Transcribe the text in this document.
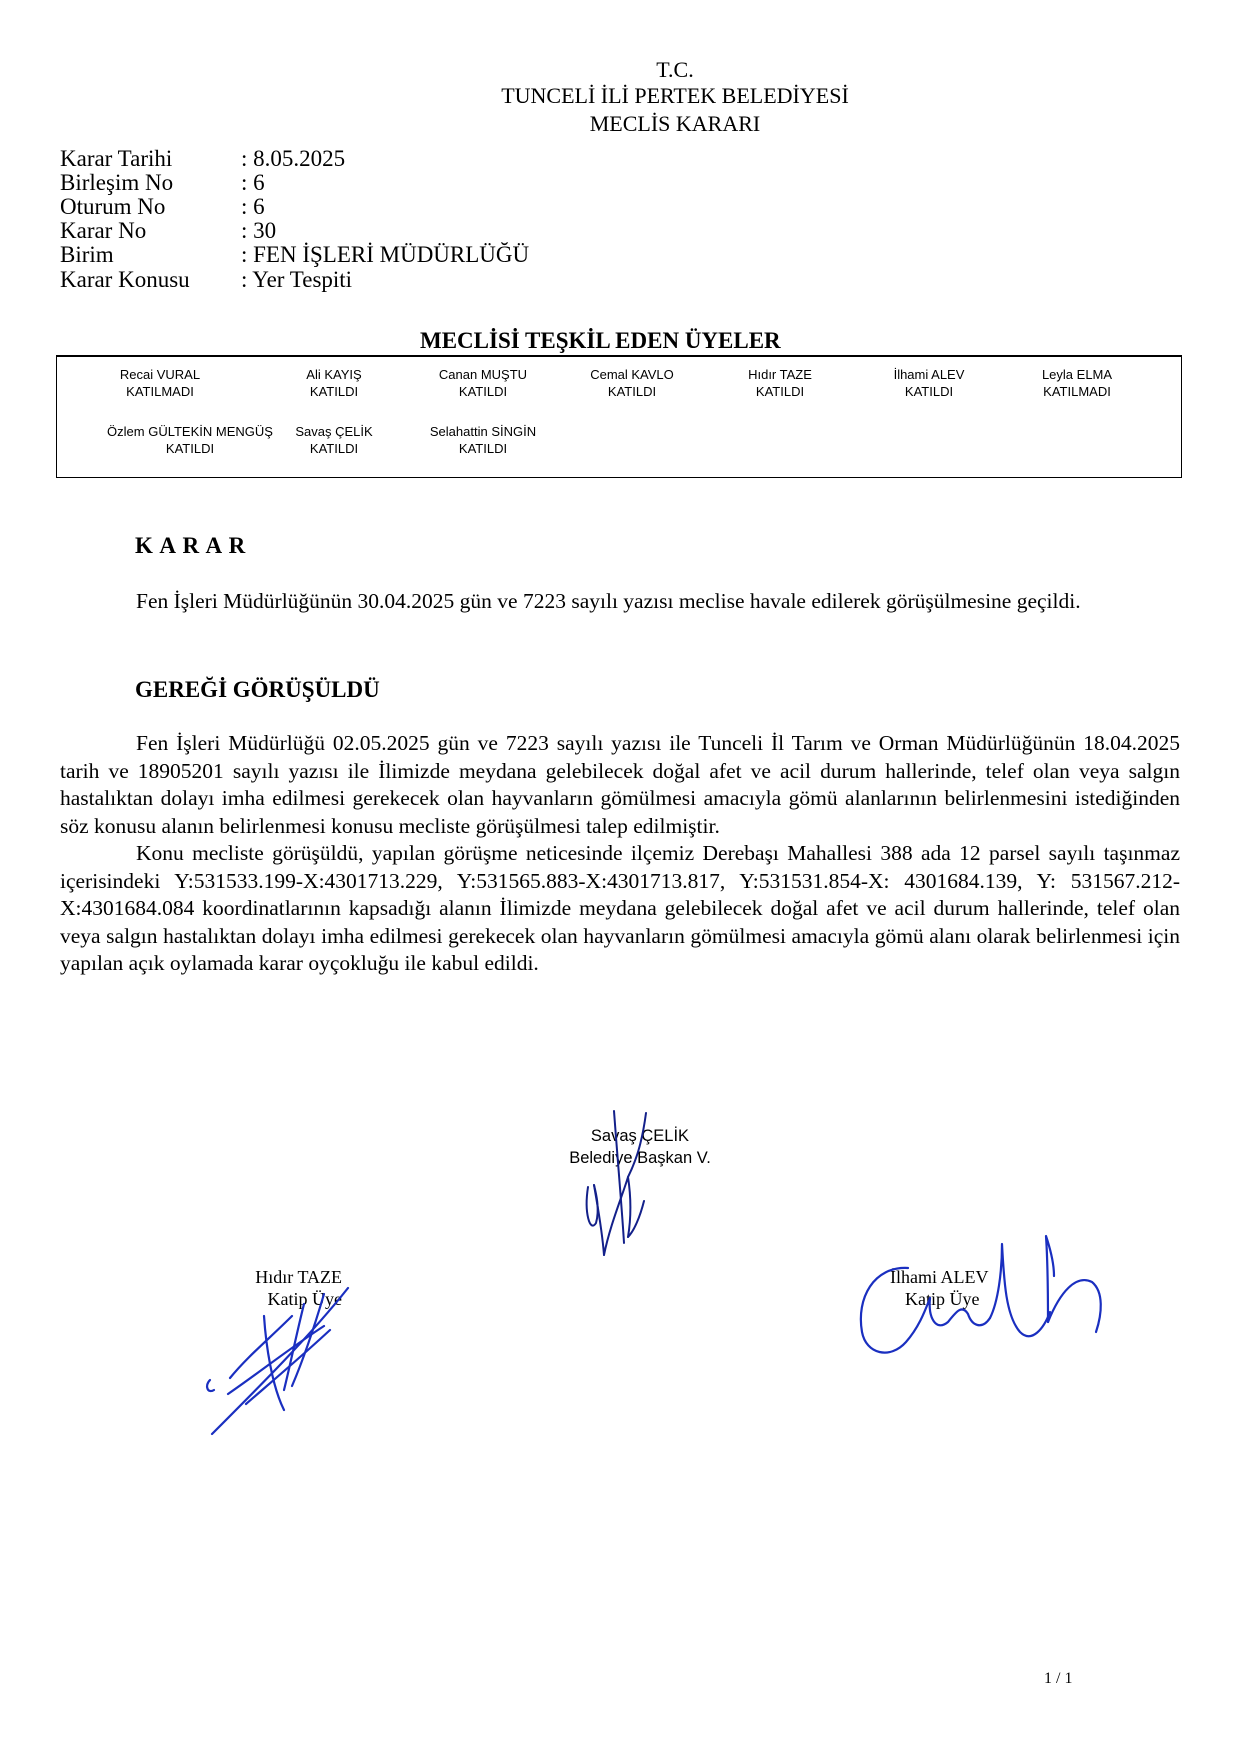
T.C.
TUNCELİ İLİ PERTEK BELEDİYESİ
MECLİS KARARI
Karar Tarihi	: 8.05.2025
Birleşim No	: 6
Oturum No	: 6
Karar No	: 30
Birim	: FEN İŞLERİ MÜDÜRLÜĞÜ
Karar Konusu : Yer Tespiti
MECLİSİ TEŞKİL EDEN ÜYELER
Recai VURAL
KATILMADI
Ali KAYIŞ
KATILDI
Canan MUŞTU
KATILDI
Cemal KAVLO
KATILDI
Hıdır TAZE
KATILDI
İlhami ALEV
KATILDI
Leyla ELMA
KATILMADI
Özlem GÜLTEKİN MENGÜŞ
KATILDI
Savaş ÇELİK
KATILDI
Selahattin SİNGİN
KATILDI
K A R A R

Fen İşleri Müdürlüğünün 30.04.2025 gün ve 7223 sayılı yazısı meclise havale edilerek görüşülmesine geçildi.

GEREĞİ GÖRÜŞÜLDÜ

Fen İşleri Müdürlüğü 02.05.2025 gün ve 7223 sayılı yazısı ile Tunceli İl Tarım ve Orman Müdürlüğünün 18.04.2025 tarih ve 18905201 sayılı yazısı ile İlimizde meydana gelebilecek doğal afet ve acil durum hallerinde, telef olan veya salgın hastalıktan dolayı imha edilmesi gerekecek olan hayvanların gömülmesi amacıyla gömü alanlarının belirlenmesini istediğinden söz konusu alanın belirlenmesi konusu mecliste görüşülmesi talep edilmiştir.

Konu mecliste görüşüldü, yapılan görüşme neticesinde ilçemiz Derebaşı Mahallesi 388 ada 12 parsel sayılı taşınmaz içerisindeki Y:531533.199-X:4301713.229, Y:531565.883-X:4301713.817, Y:531531.854-X: 4301684.139, Y: 531567.212-X:4301684.084 koordinatlarının kapsadığı alanın İlimizde meydana gelebilecek doğal afet ve acil durum hallerinde, telef olan veya salgın hastalıktan dolayı imha edilmesi gerekecek olan hayvanların gömülmesi amacıyla gömü alanı olarak belirlenmesi için yapılan açık oylamada karar oyçokluğu ile kabul edildi.

Savaş ÇELİK
Belediye Başkan V.
Hıdır TAZE
Katip Üye
İlhami ALEV
Katip Üye
1 / 1
